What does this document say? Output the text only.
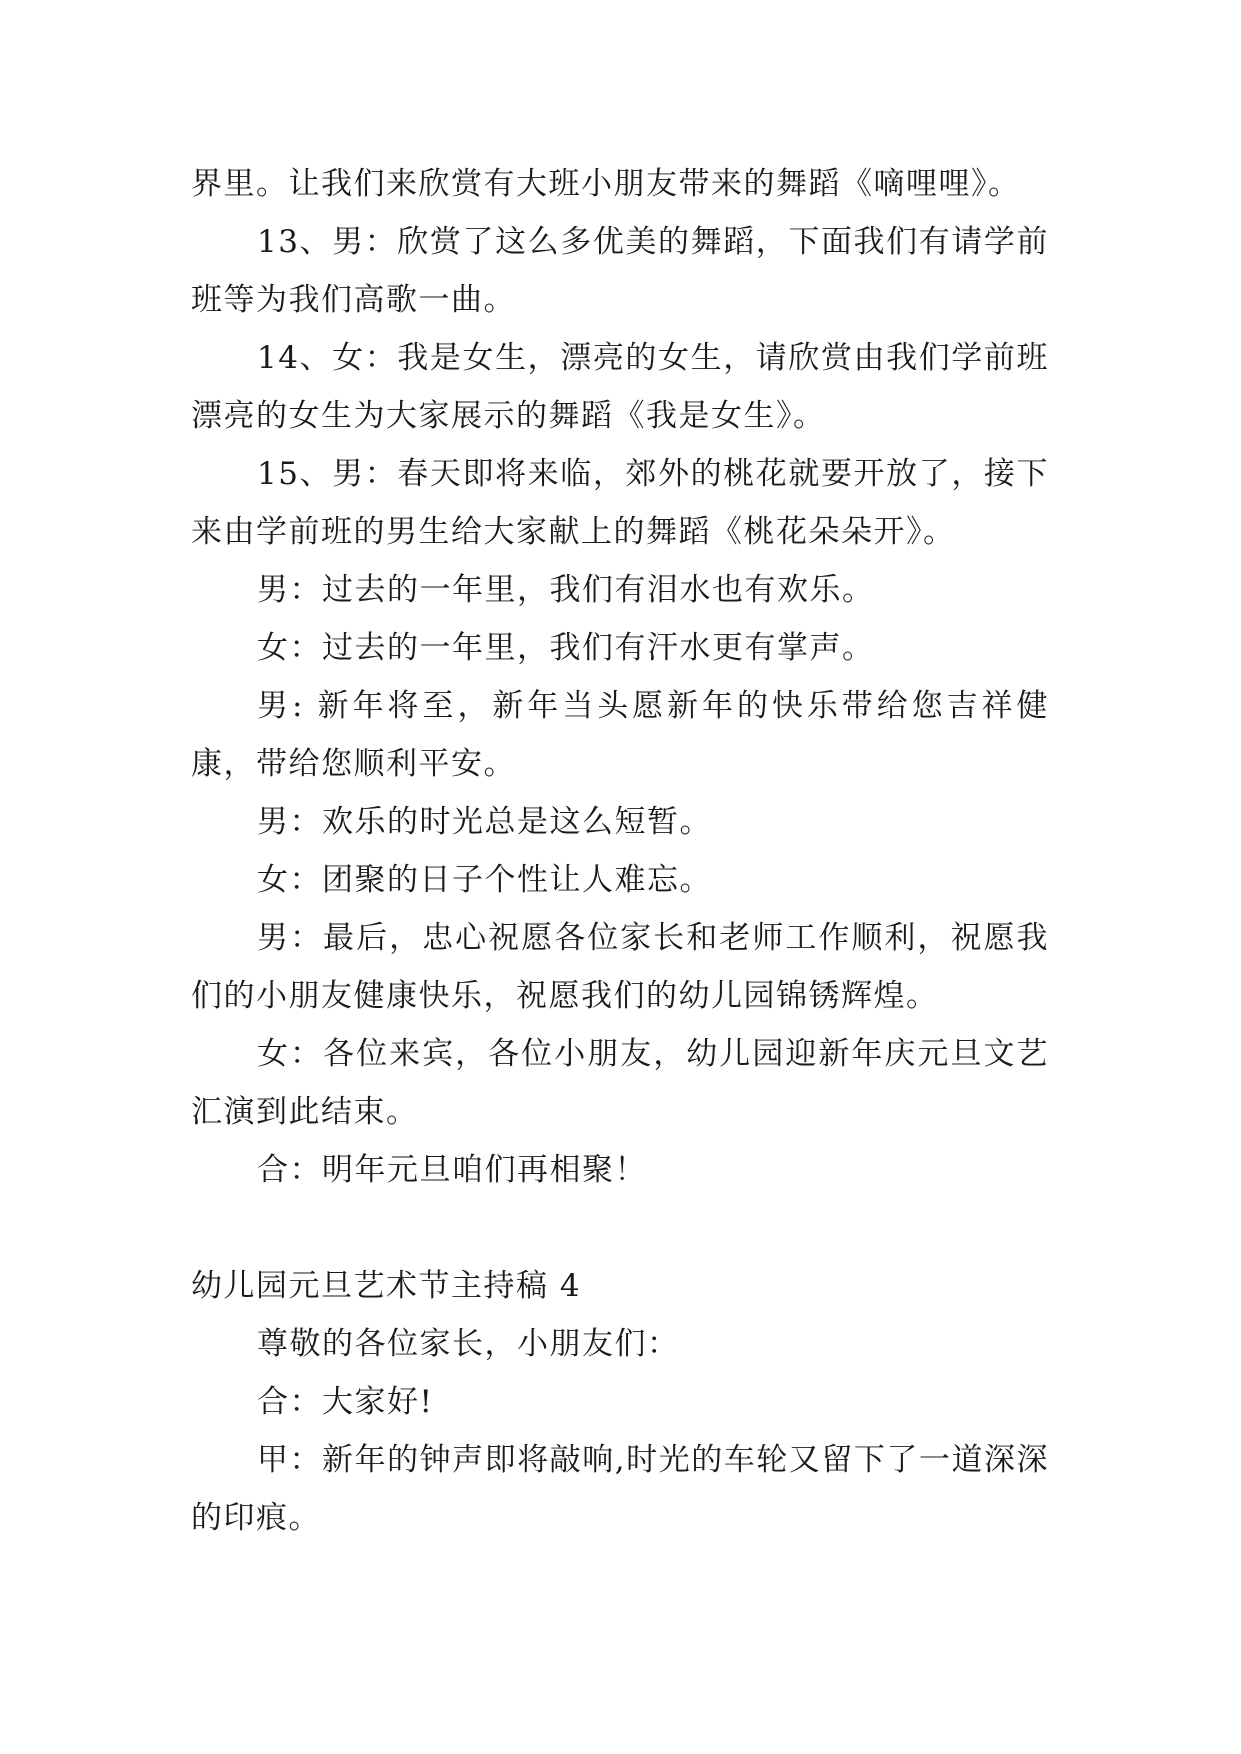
界里。让我们来欣赏有大班小朋友带来的舞蹈《嘀哩哩》。

13、男：欣赏了这么多优美的舞蹈，下面我们有请学前班等为我们高歌一曲。

14、女：我是女生，漂亮的女生，请欣赏由我们学前班漂亮的女生为大家展示的舞蹈《我是女生》。

15、男：春天即将来临，郊外的桃花就要开放了，接下来由学前班的男生给大家献上的舞蹈《桃花朵朵开》。

男：过去的一年里，我们有泪水也有欢乐。

女：过去的一年里，我们有汗水更有掌声。

男: 新年将至，新年当头愿新年的快乐带给您吉祥健康，带给您顺利平安。

男：欢乐的时光总是这么短暂。

女：团聚的日子个性让人难忘。

男：最后，忠心祝愿各位家长和老师工作顺利，祝愿我们的小朋友健康快乐，祝愿我们的幼儿园锦锈辉煌。

女：各位来宾，各位小朋友，幼儿园迎新年庆元旦文艺汇演到此结束。

合：明年元旦咱们再相聚！

幼儿园元旦艺术节主持稿 4

尊敬的各位家长，小朋友们：

合：大家好!

甲：新年的钟声即将敲响,时光的车轮又留下了一道深深的印痕。
